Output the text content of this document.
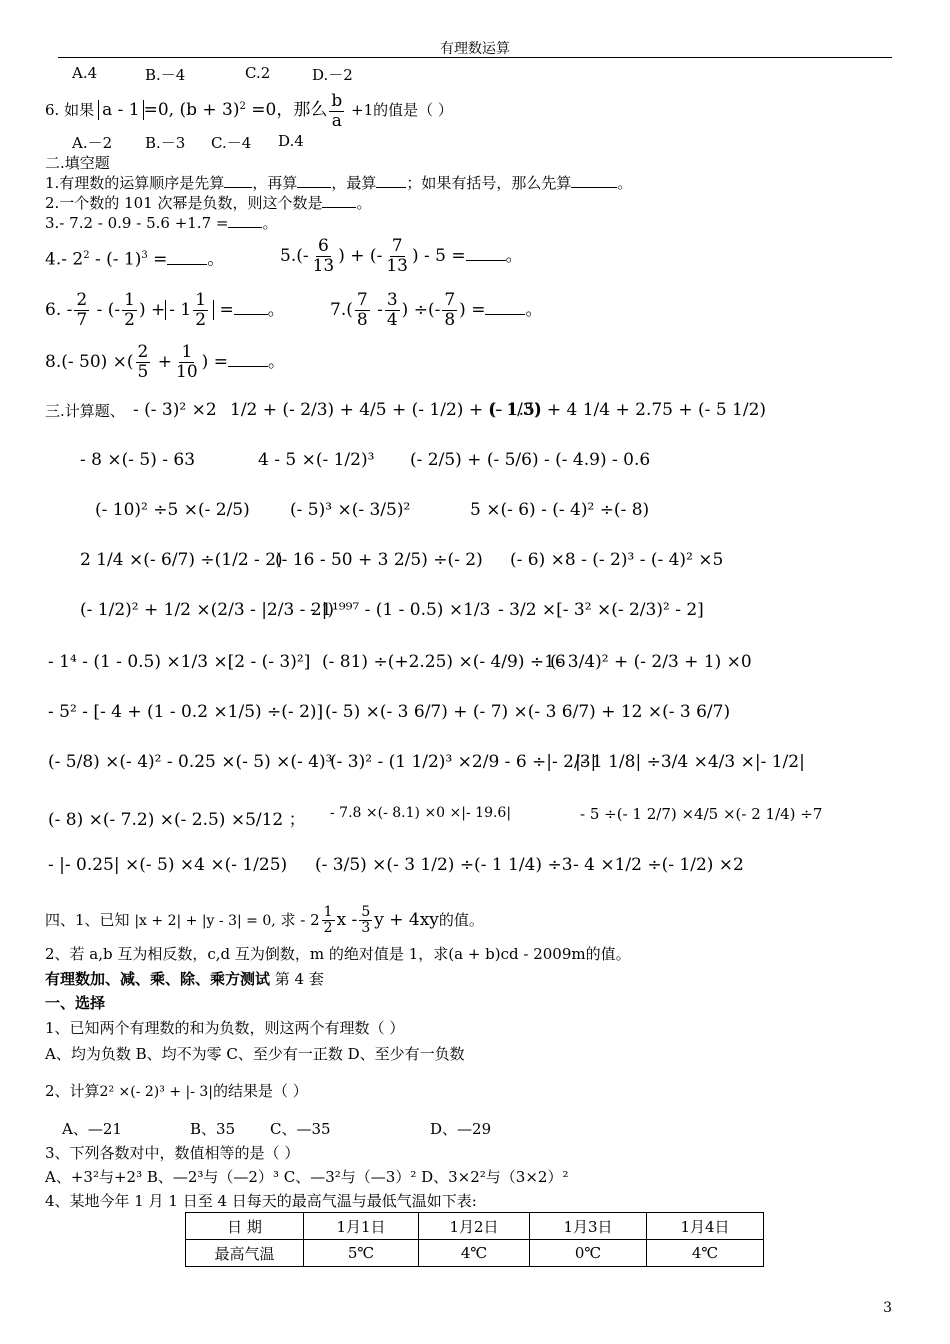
有理数运算
A.4	B.－4	C.2	D.－2
6. 如果 a - 1 =0, $(b + 3)^2 =0$，那么 $\frac{b}{a} +1$的值是（ ）
A.－2 B.－3 C.－4 D.4
二.填空题
1.有理数的运算顺序是先算 ，再算 ，最算 ；如果有括号，那么先算	。
2.一个数的 101 次幂是负数，则这个数是 。
3.- 7.2 - 0.9 - 5.6 +1.7 = 。
4.- $2^2$ - (- 1)$^3$ = 。	$5.(- \frac{6}{13}$ ) + (- $\frac{7}{13}$ ) - 5 = 。
6. - $\frac{2}{7}$ - (- $\frac{1}{2}$ ) + - $1 \frac{1}{2}$ = 。	$7.( \frac{7}{8} - \frac{3}{4}$ ) ÷(- $\frac{7}{8}$ ) = 。
8.(- 50) ×( $\frac{2}{5} + \frac{1}{10}$ ) = 。
三.计算题、 - (- 3)² ×2 1/2 + (- 2/3) + 4/5 + (- 1/2) + (- 1/3)
(- 1.5) + 4 1/4 + 2.75 + (- 5 1/2)
- 8 ×(- 5) - 63	4 - 5 ×(- 1/2)³ (- 2/5) + (- 5/6) - (- 4.9) - 0.6
(- 10)² ÷5 ×(- 2/5) (- 5)³ ×(- 3/5)²	5 ×(- 6) - (- 4)² ÷(- 8)
2 1/4 ×(- 6/7) ÷(1/2 - 2)
(- 16 - 50 + 3 2/5) ÷(- 2) (- 6) ×8 - (- 2)³ - (- 4)² ×5
(- 1/2)² + 1/2 ×(2/3 - |2/3 - 2|)
- 1¹⁹⁹⁷ - (1 - 0.5) ×1/3 - 3/2 ×[- 3² ×(- 2/3)² - 2]
- 1⁴ - (1 - 0.5) ×1/3 ×[2 - (- 3)²] (- 81) ÷(+2.25) ×(- 4/9) ÷16
(- 3/4)² + (- 2/3 + 1) ×0
- 5² - [- 4 + (1 - 0.2 ×1/5) ÷(- 2)] (- 5) ×(- 3 6/7) + (- 7) ×(- 3 6/7) + 12 ×(- 3 6/7)
(- 5/8) ×(- 4)² - 0.25 ×(- 5) ×(- 4)³
(- 3)² - (1 1/2)³ ×2/9 - 6 ÷|- 2/3|
|- 1 1/8| ÷3/4 ×4/3 ×|- 1/2|
(- 8) ×(- 7.2) ×(- 2.5) ×5/12 ； - 7.8 ×(- 8.1) ×0 ×|- 19.6|	- 5 ÷(- 1 2/7) ×4/5 ×(- 2 1/4) ÷7
- |- 0.25| ×(- 5) ×4 ×(- 1/25) (- 3/5) ×(- 3 1/2) ÷(- 1 1/4) ÷3 - 4 ×1/2 ÷(- 1/2) ×2
四、1、已知 |x + 2| + |y - 3| = 0, 求 - $2 \frac{1}{2}$ x - $\frac{5}{3}$ y + 4xy的值。
2、若 a,b 互为相反数，c,d 互为倒数，m 的绝对值是 1，求(a + b)cd - 2009m的值。
有理数加、减、乘、除、乘方测试 第 4 套
一、选择
1、已知两个有理数的和为负数，则这两个有理数（ ）
A、均为负数 B、均不为零 C、至少有一正数 D、至少有一负数
2、计算2² ×(- 2)³ + |- 3|的结果是（ ）
A、—21	B、35 C、—35	D、—29
3、下列各数对中，数值相等的是（ ）
A、+3²与+2³ B、—2³与（—2）³ C、—3²与（—3）² D、3×2²与（3×2）²
4、某地今年 1 月 1 日至 4 日每天的最高气温与最低气温如下表:
日 期	1月1日	1月2日	1月3日	1月4日
最高气温	5℃	4℃	0℃	4℃
3
